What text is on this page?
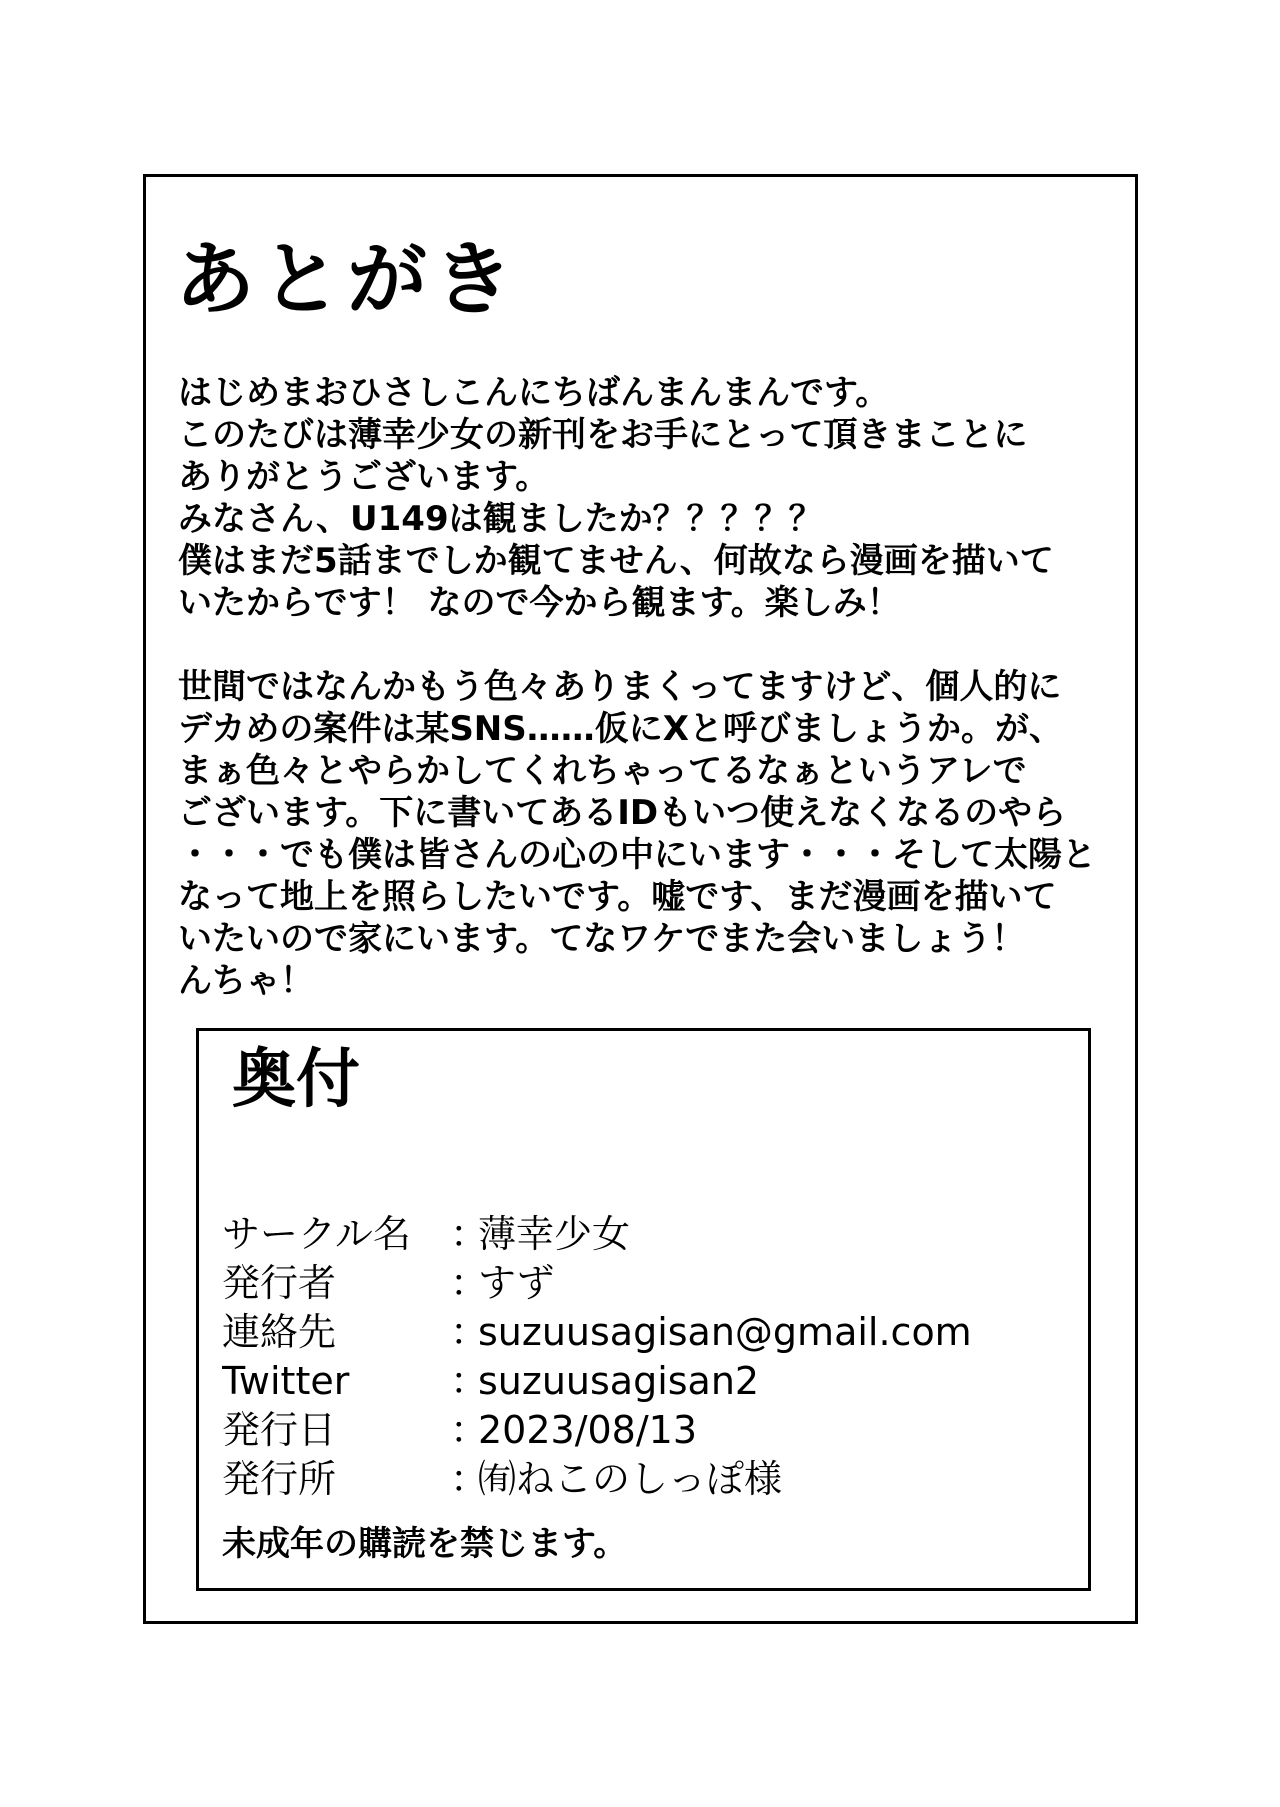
あとがき
はじめまおひさしこんにちばんまんまんです。
このたびは薄幸少女の新刊をお手にとって頂きまことに
ありがとうございます。
みなさん、U149は観ましたか？？？？？
僕はまだ5話までしか観てません、何故なら漫画を描いて
いたからです！ なので今から観ます。楽しみ！
世間ではなんかもう色々ありまくってますけど、個人的に
デカめの案件は某SNS……仮にXと呼びましょうか。が、
まぁ色々とやらかしてくれちゃってるなぁというアレで
ございます。下に書いてあるIDもいつ使えなくなるのやら
・・・でも僕は皆さんの心の中にいます・・・そして太陽と
なって地上を照らしたいです。嘘です、まだ漫画を描いて
いたいので家にいます。てなワケでまた会いましょう！
んちゃ！
奥付
サークル名	：
薄幸少女
発行者	：
すず
連絡先	：
suzuusagisan@gmail.com
Twitter	：
suzuusagisan2
発行日	：
2023/08/13
発行所	：
㈲ねこのしっぽ様
未成年の購読を禁じます。
